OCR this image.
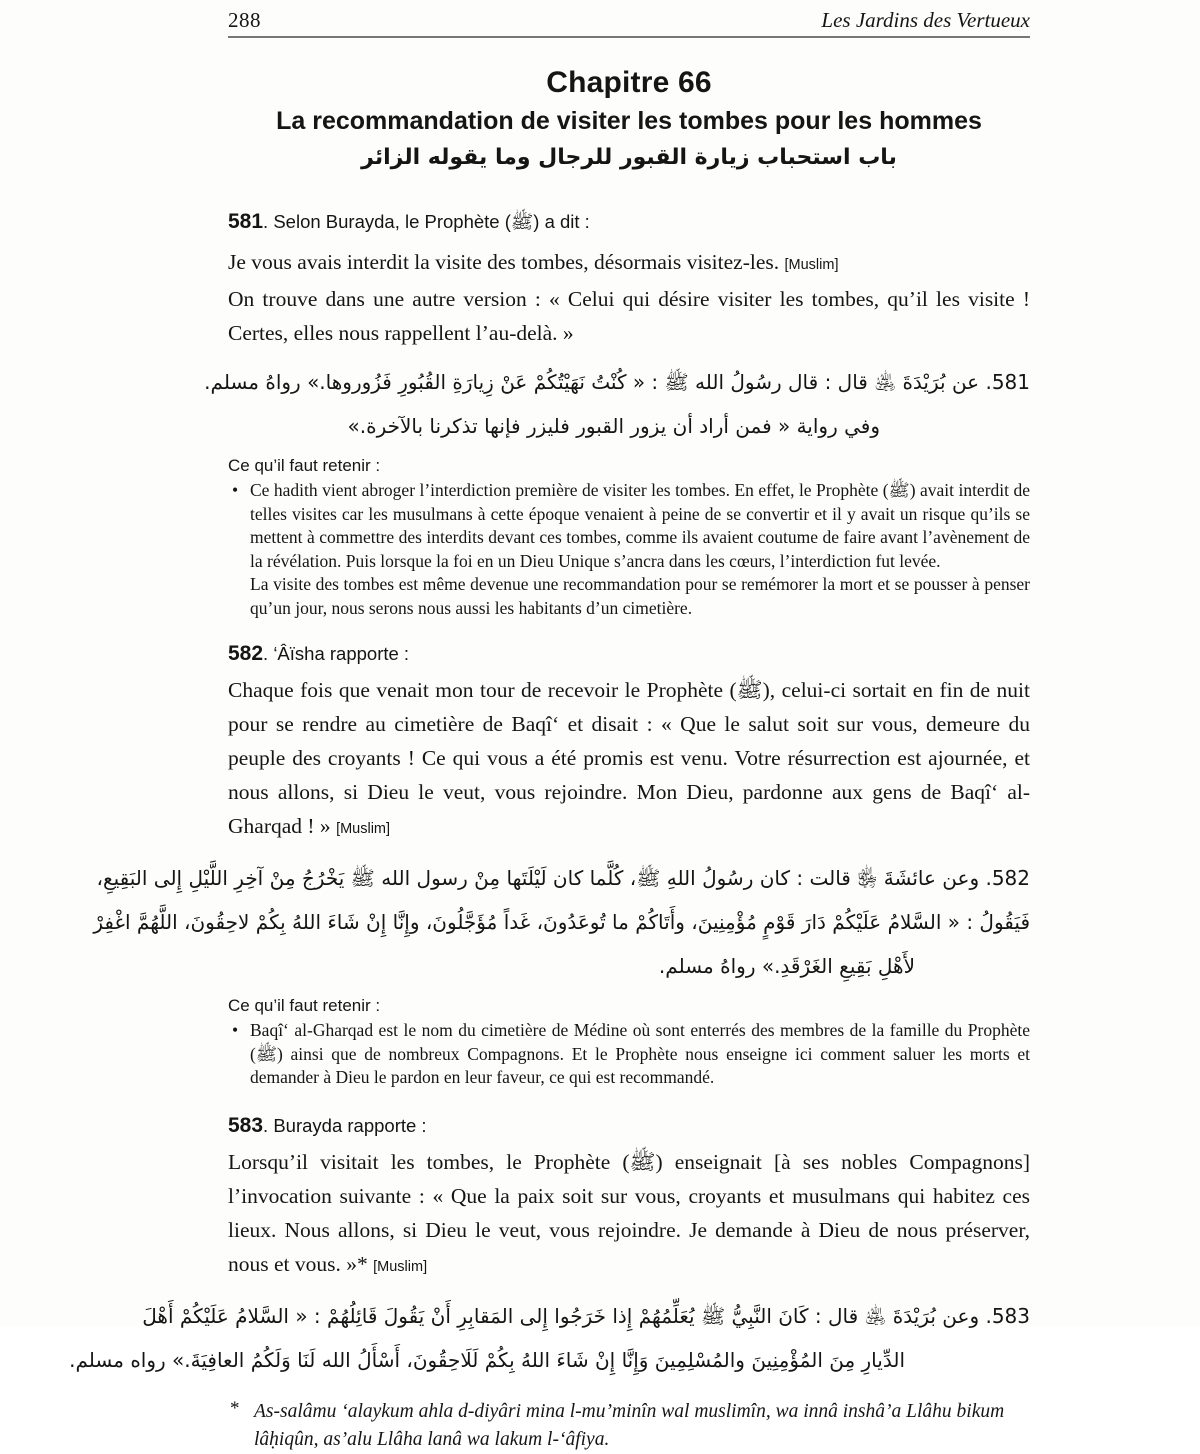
288	Les Jardins des Vertueux
Chapitre 66
La recommandation de visiter les tombes pour les hommes
باب استحباب زيارة القبور للرجال وما يقوله الزائر

581. Selon Burayda, le Prophète (ﷺ) a dit :

Je vous avais interdit la visite des tombes, désormais visitez-les. [Muslim]

On trouve dans une autre version : « Celui qui désire visiter les tombes, qu’il les visite ! Certes, elles nous rappellent l’au-delà. »

581. عن بُرَيْدَةَ ﵁ قال : قال رسُولُ الله ﷺ : « كُنْتُ نَهَيْتُكُمْ عَنْ زِيارَةِ القُبُورِ فَزُوروها.» رواهُ مسلم.
وفي رواية « فمن أراد أن يزور القبور فليزر فإنها تذكرنا بالآخرة.»

Ce qu’il faut retenir :

• Ce hadith vient abroger l’interdiction première de visiter les tombes. En effet, le Prophète (ﷺ) avait interdit de telles visites car les musulmans à cette époque venaient à peine de se convertir et il y avait un risque qu’ils se mettent à commettre des interdits devant ces tombes, comme ils avaient coutume de faire avant l’avènement de la révélation. Puis lorsque la foi en un Dieu Unique s’ancra dans les cœurs, l’interdiction fut levée.
La visite des tombes est même devenue une recommandation pour se remémorer la mort et se pousser à penser qu’un jour, nous serons nous aussi les habitants d’un cimetière.

582. ‘Âïsha rapporte :

Chaque fois que venait mon tour de recevoir le Prophète (ﷺ), celui-ci sortait en fin de nuit pour se rendre au cimetière de Baqî‘ et disait : « Que le salut soit sur vous, demeure du peuple des croyants ! Ce qui vous a été promis est venu. Votre résurrection est ajournée, et nous allons, si Dieu le veut, vous rejoindre. Mon Dieu, pardonne aux gens de Baqî‘ al-Gharqad ! » [Muslim]

582. وعن عائشَةَ ﵂ قالت : كان رسُولُ اللهِ ﷺ، كُلَّما كان لَيْلَتَها مِنْ رسول الله ﷺ يَخْرُجُ مِنْ آخِرِ اللَّيْلِ إِلى البَقِيعِ،
فَيَقُولُ : « السَّلامُ عَلَيْكُمْ دَارَ قَوْمٍ مُؤْمِنِينَ، وأَتَاكُمْ ما تُوعَدُونَ، غَداً مُؤَجَّلُونَ، وإِنَّا إِنْ شَاءَ اللهُ بِكُمْ لاحِقُونَ، اللَّهُمَّ اغْفِرْ
لأَهْلِ بَقِيعِ الغَرْقَدِ.» رواهُ مسلم.

Ce qu’il faut retenir :

• Baqî‘ al-Gharqad est le nom du cimetière de Médine où sont enterrés des membres de la famille du Prophète (ﷺ) ainsi que de nombreux Compagnons. Et le Prophète nous enseigne ici comment saluer les morts et demander à Dieu le pardon en leur faveur, ce qui est recommandé.

583. Burayda rapporte :

Lorsqu’il visitait les tombes, le Prophète (ﷺ) enseignait [à ses nobles Compagnons] l’invocation suivante : « Que la paix soit sur vous, croyants et musulmans qui habitez ces lieux. Nous allons, si Dieu le veut, vous rejoindre. Je demande à Dieu de nous préserver, nous et vous. »* [Muslim]

583. وعن بُرَيْدَةَ ﵁ قال : كَانَ النَّبِيُّ ﷺ يُعَلِّمُهُمْ إِذا خَرَجُوا إِلى المَقابِرِ أَنْ يَقُولَ قَائِلُهُمْ : « السَّلامُ عَلَيْكُمْ أَهْلَ
الدِّيارِ مِنَ المُؤْمِنِينَ والمُسْلِمِينَ وَإِنَّا إِنْ شَاءَ اللهُ بِكُمْ لَلَاحِقُونَ، أَسْأَلُ الله لَنَا وَلَكُمُ العافِيَةَ.» رواه مسلم.
* As-salâmu ‘alaykum ahla d-diyâri mina l-mu’minîn wal muslimîn, wa innâ inshâ’a Llâhu bikum lâḥiqûn, as’alu Llâha lanâ wa lakum l-‘âfiya.
